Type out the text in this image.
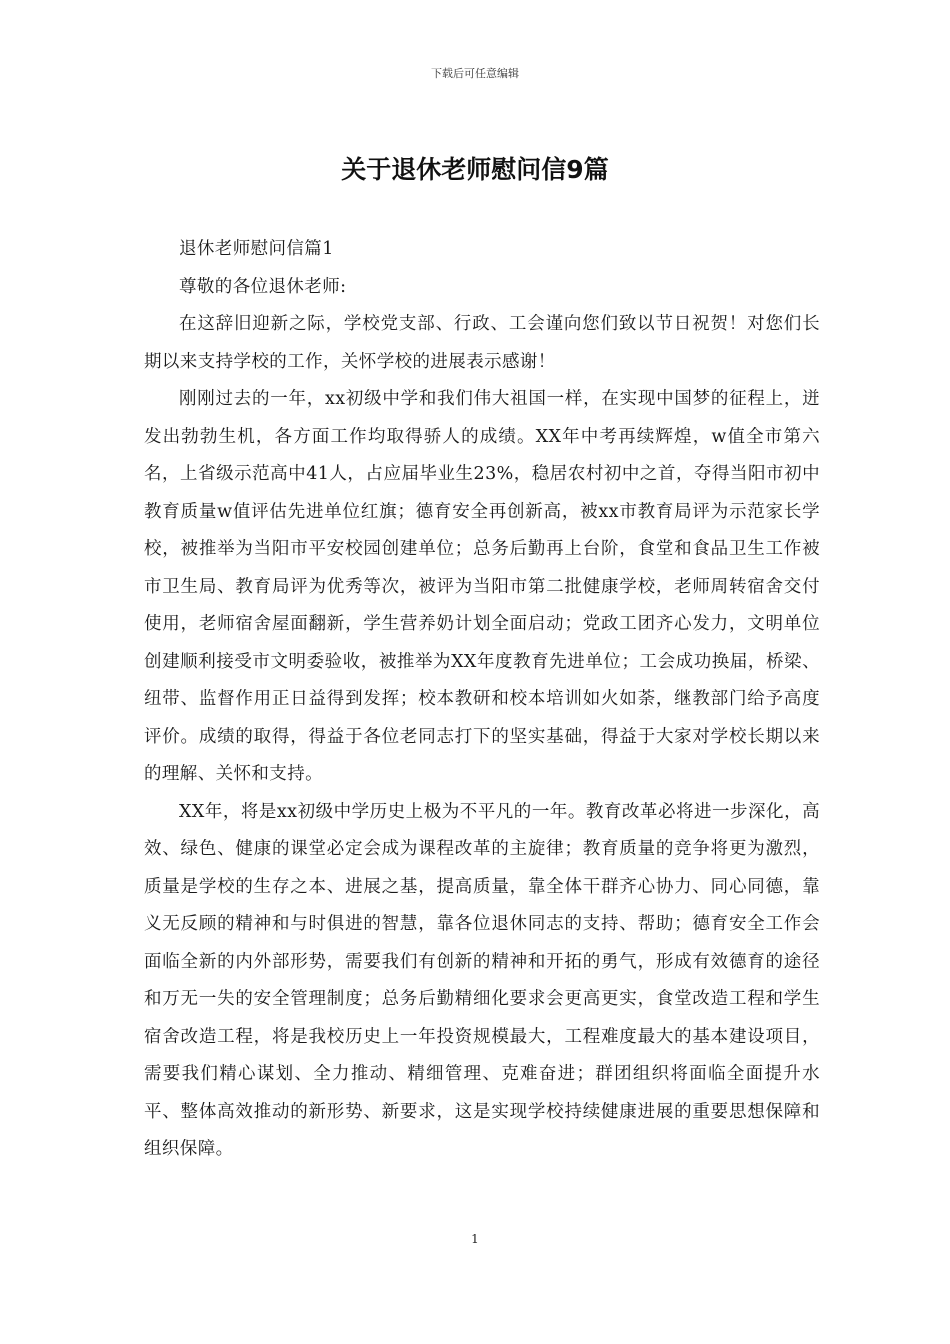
下载后可任意编辑
关于退休老师慰问信9篇

退休老师慰问信篇1

尊敬的各位退休老师:

在这辞旧迎新之际，学校党支部、行政、工会谨向您们致以节日祝贺！对您们长期以来支持学校的工作，关怀学校的进展表示感谢！

刚刚过去的一年，xx初级中学和我们伟大祖国一样，在实现中国梦的征程上，迸发出勃勃生机，各方面工作均取得骄人的成绩。XX年中考再续辉煌，w值全市第六名，上省级示范高中41人，占应届毕业生23%，稳居农村初中之首，夺得当阳市初中教育质量w值评估先进单位红旗；德育安全再创新高，被xx市教育局评为示范家长学校，被推举为当阳市平安校园创建单位；总务后勤再上台阶，食堂和食品卫生工作被市卫生局、教育局评为优秀等次，被评为当阳市第二批健康学校，老师周转宿舍交付使用，老师宿舍屋面翻新，学生营养奶计划全面启动；党政工团齐心发力，文明单位创建顺利接受市文明委验收，被推举为XX年度教育先进单位；工会成功换届，桥梁、纽带、监督作用正日益得到发挥；校本教研和校本培训如火如荼，继教部门给予高度评价。成绩的取得，得益于各位老同志打下的坚实基础，得益于大家对学校长期以来的理解、关怀和支持。

XX年，将是xx初级中学历史上极为不平凡的一年。教育改革必将进一步深化，高效、绿色、健康的课堂必定会成为课程改革的主旋律；教育质量的竞争将更为激烈，质量是学校的生存之本、进展之基，提高质量，靠全体干群齐心协力、同心同德，靠义无反顾的精神和与时俱进的智慧，靠各位退休同志的支持、帮助；德育安全工作会面临全新的内外部形势，需要我们有创新的精神和开拓的勇气，形成有效德育的途径和万无一失的安全管理制度；总务后勤精细化要求会更高更实，食堂改造工程和学生宿舍改造工程，将是我校历史上一年投资规模最大，工程难度最大的基本建设项目，需要我们精心谋划、全力推动、精细管理、克难奋进；群团组织将面临全面提升水平、整体高效推动的新形势、新要求，这是实现学校持续健康进展的重要思想保障和组织保障。

1
